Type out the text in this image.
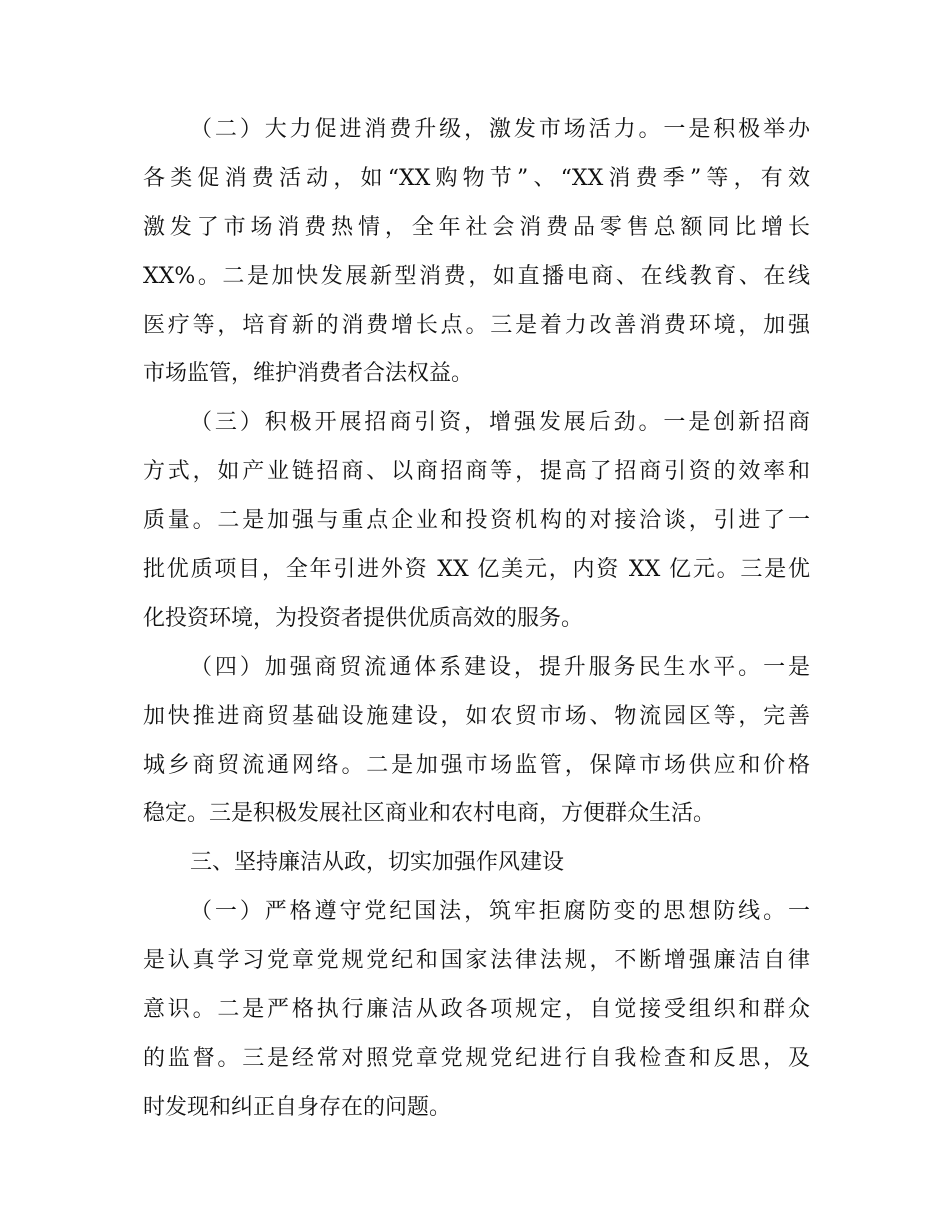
（二）大力促进消费升级，激发市场活力。一是积极举办
各类促消费活动，如“XX购物节”、“XX消费季”等，有效
激发了市场消费热情，全年社会消费品零售总额同比增长
XX%。二是加快发展新型消费，如直播电商、在线教育、在线
医疗等，培育新的消费增长点。三是着力改善消费环境，加强
市场监管，维护消费者合法权益。
（三）积极开展招商引资，增强发展后劲。一是创新招商
方式，如产业链招商、以商招商等，提高了招商引资的效率和
质量。二是加强与重点企业和投资机构的对接洽谈，引进了一
批优质项目，全年引进外资 XX 亿美元，内资 XX 亿元。三是优
化投资环境，为投资者提供优质高效的服务。
（四）加强商贸流通体系建设，提升服务民生水平。一是
加快推进商贸基础设施建设，如农贸市场、物流园区等，完善
城乡商贸流通网络。二是加强市场监管，保障市场供应和价格
稳定。三是积极发展社区商业和农村电商，方便群众生活。
三、坚持廉洁从政，切实加强作风建设
（一）严格遵守党纪国法，筑牢拒腐防变的思想防线。一
是认真学习党章党规党纪和国家法律法规，不断增强廉洁自律
意识。二是严格执行廉洁从政各项规定，自觉接受组织和群众
的监督。三是经常对照党章党规党纪进行自我检查和反思，及
时发现和纠正自身存在的问题。
